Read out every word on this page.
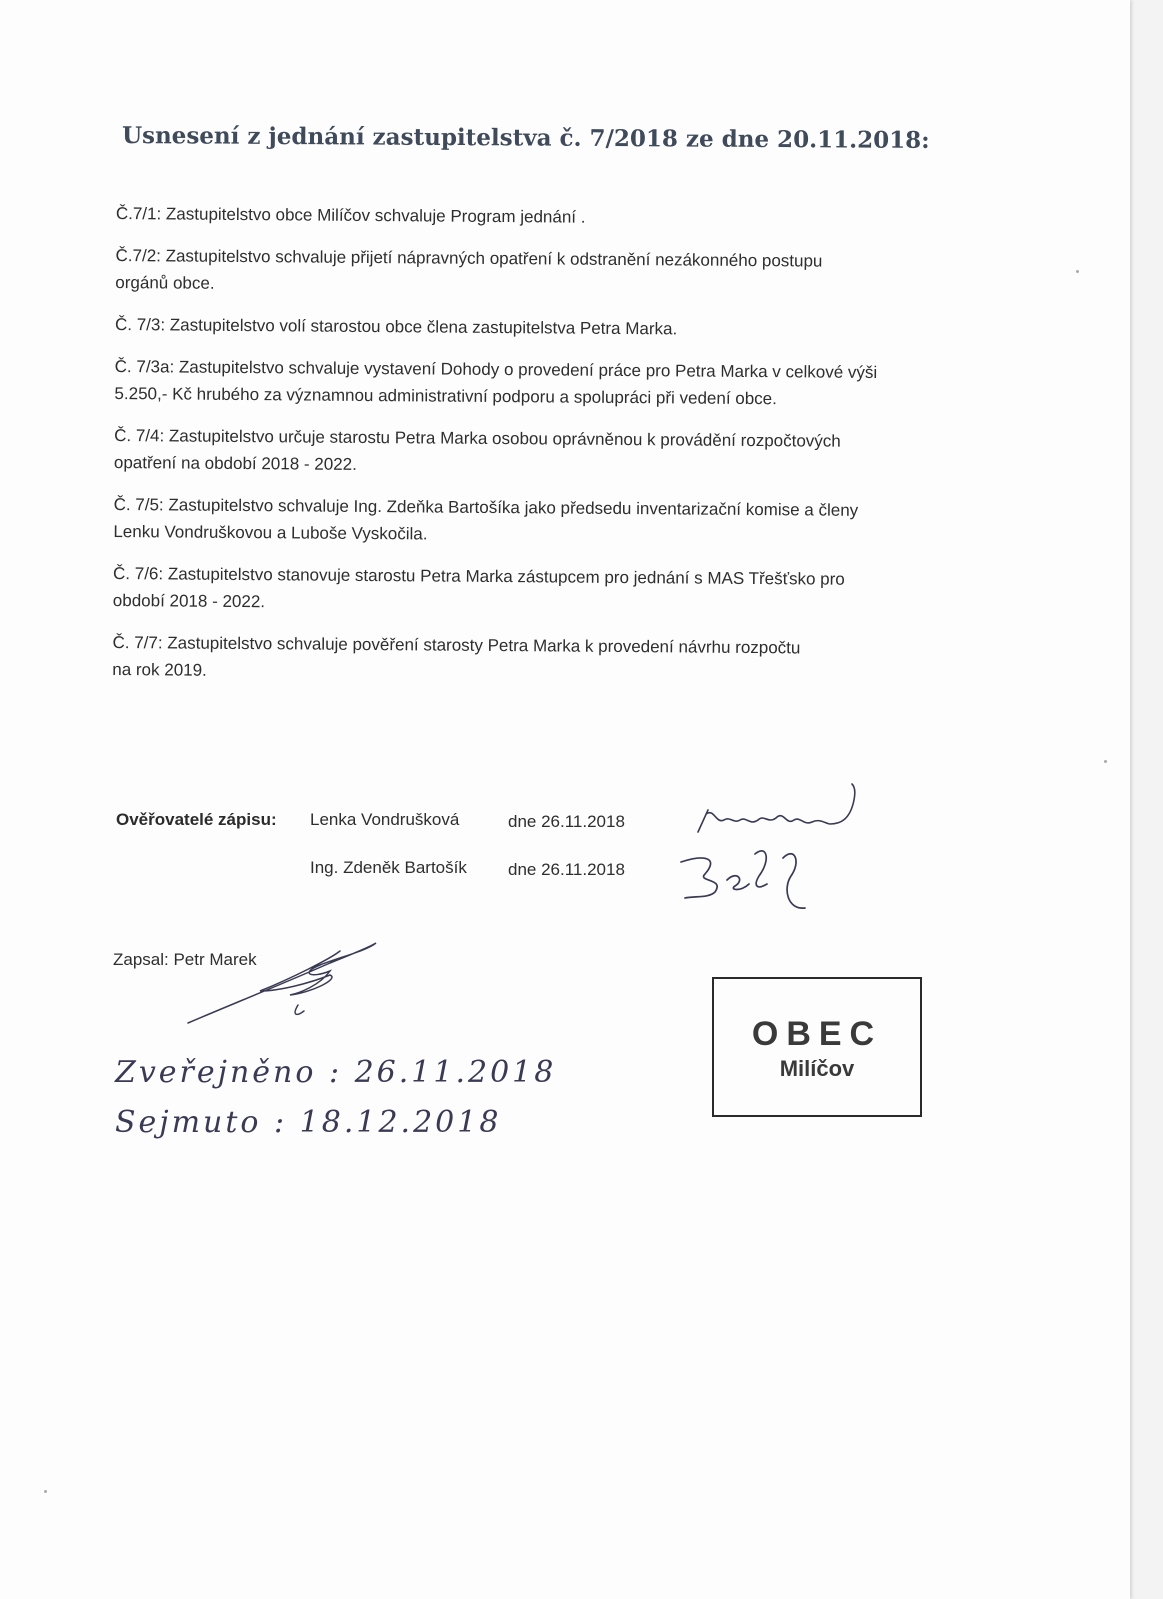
Usnesení z jednání zastupitelstva č. 7/2018 ze dne 20.11.2018:

Č.7/1: Zastupitelstvo obce Milíčov schvaluje Program jednání .

Č.7/2: Zastupitelstvo schvaluje přijetí nápravných opatření k odstranění nezákonného postupu
orgánů obce.

Č. 7/3: Zastupitelstvo volí starostou obce člena zastupitelstva Petra Marka.

Č. 7/3a: Zastupitelstvo schvaluje vystavení Dohody o provedení práce pro Petra Marka v celkové výši
5.250,- Kč hrubého za významnou administrativní podporu a spolupráci při vedení obce.

Č. 7/4: Zastupitelstvo určuje starostu Petra Marka osobou oprávněnou k provádění rozpočtových
opatření na období 2018 - 2022.

Č. 7/5: Zastupitelstvo schvaluje Ing. Zdeňka Bartošíka jako předsedu inventarizační komise a členy
Lenku Vondruškovou a Luboše Vyskočila.

Č. 7/6: Zastupitelstvo stanovuje starostu Petra Marka zástupcem pro jednání s MAS Třešťsko pro
období 2018 - 2022.

Č. 7/7: Zastupitelstvo schvaluje pověření starosty Petra Marka k provedení návrhu rozpočtu
na rok 2019.

Ověřovatelé zápisu: Lenka Vondrušková	dne 26.11.2018
Ing. Zdeněk Bartošík dne 26.11.2018
Zapsal: Petr Marek
Zveřejněno : 26.11.2018
Sejmuto : 18.12.2018
OBEC
Milíčov
